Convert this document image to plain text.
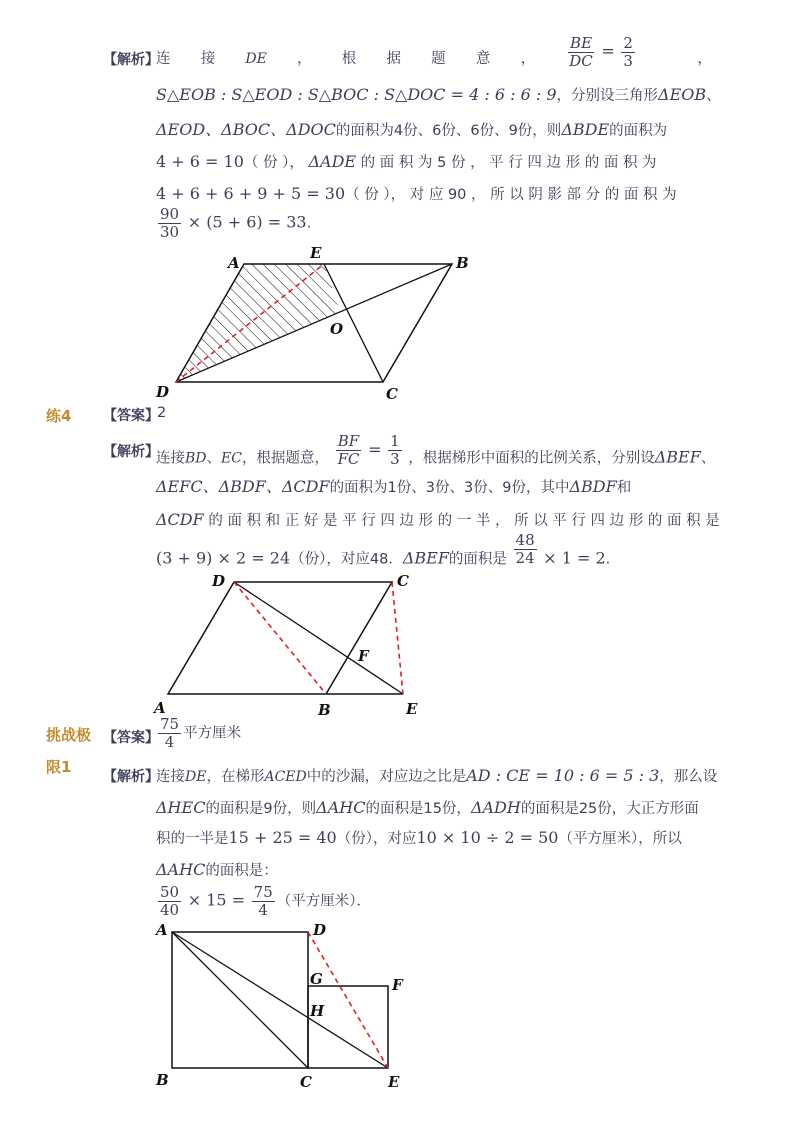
【解析】
连 接 DE ， 根 据 题 意 ， $\frac{BE}{DC} = \frac{2}{3}$	，
S△EOB : S△EOD : S△BOC : S△DOC = 4 : 6 : 6 : 9，分别设三角形ΔEOB、
ΔEOD、ΔBOC、ΔDOC的面积为4份、6份、6份、9份，则ΔBDE的面积为
4 + 6 = 10（ 份 ）， ΔADE 的 面 积 为 5 份 ， 平 行 四 边 形 的 面 积 为
4 + 6 + 6 + 9 + 5 = 30（ 份 ）， 对 应 90 ， 所 以 阴 影 部 分 的 面 积 为
$\frac{90}{30} \times (5 + 6) = 33$.
A
E
B
O
D	C
练4 【答案】
2
【解析】
连接BD、EC，根据题意， $\frac{BF}{FC} = \frac{1}{3}$ ，根据梯形中面积的比例关系，分别设ΔBEF、
ΔEFC、ΔBDF、ΔCDF的面积为1份、3份、3份、9份，其中ΔBDF和
ΔCDF 的 面 积 和 正 好 是 平 行 四 边 形 的 一 半 ， 所 以 平 行 四 边 形 的 面 积 是
(3 + 9) × 2 = 24（份），对应48．ΔBEF的面积是 $\frac{48}{24} \times 1 = 2$.
D	C
F
A	B	E
挑战极
限1
【答案】 $\frac{75}{4}$ 平方厘米
【解析】
连接DE，在梯形ACED中的沙漏，对应边之比是AD : CE = 10 : 6 = 5 : 3，那么设
ΔHEC的面积是9份，则ΔAHC的面积是15份，ΔADH的面积是25份，大正方形面
积的一半是15 + 25 = 40（份），对应10 × 10 ÷ 2 = 50（平方厘米），所以
ΔAHC的面积是：
$\frac{50}{40} \times 15 = \frac{75}{4}$ （平方厘米）．
A	D
G	F
H
B	C	E
